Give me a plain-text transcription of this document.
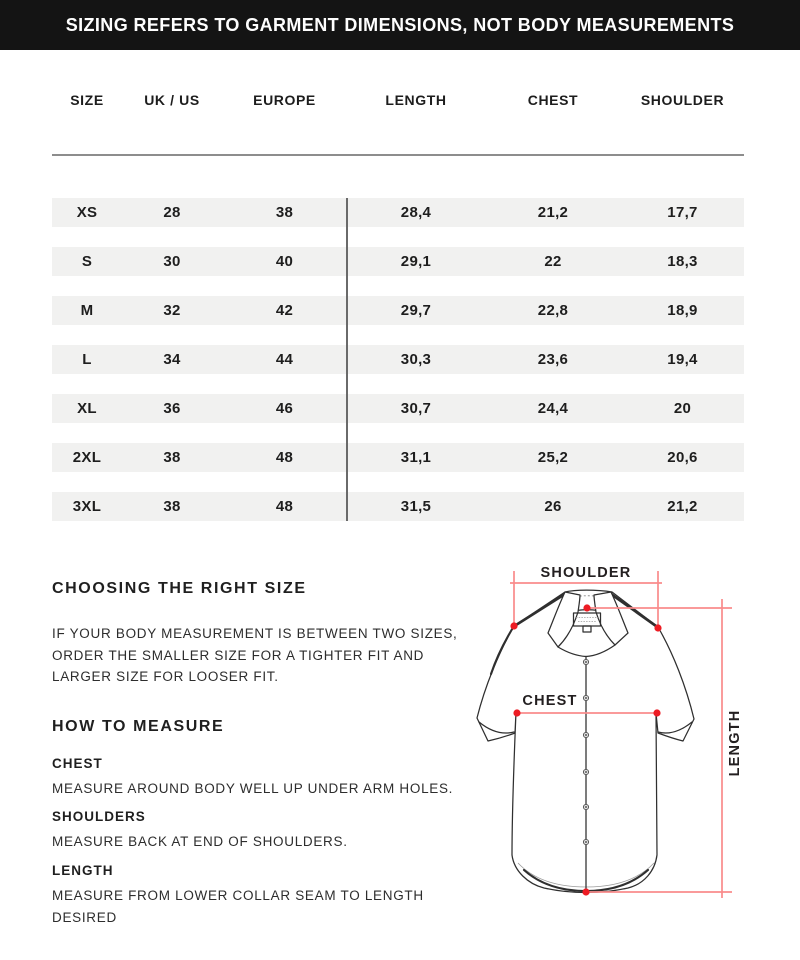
SIZING REFERS TO GARMENT DIMENSIONS, NOT BODY MEASUREMENTS
SIZE	UK / US	EUROPE	LENGTH	CHEST	SHOULDER
XS	28	38	28,4	21,2	17,7
S	30	40	29,1	22	18,3
M	32	42	29,7	22,8	18,9
L	34	44	30,3	23,6	19,4
XL	36	46	30,7	24,4	20
2XL	38	48	31,1	25,2	20,6
3XL	38	48	31,5	26	21,2
CHOOSING THE RIGHT SIZE
IF YOUR BODY MEASUREMENT IS BETWEEN TWO SIZES,
ORDER THE SMALLER SIZE FOR A TIGHTER FIT AND
LARGER SIZE FOR LOOSER FIT.
HOW TO MEASURE
CHEST
MEASURE AROUND BODY WELL UP UNDER ARM HOLES.
SHOULDERS
MEASURE BACK AT END OF SHOULDERS.
LENGTH
MEASURE FROM LOWER COLLAR SEAM TO LENGTH
DESIRED
SHOULDER
CHEST
LENGTH
